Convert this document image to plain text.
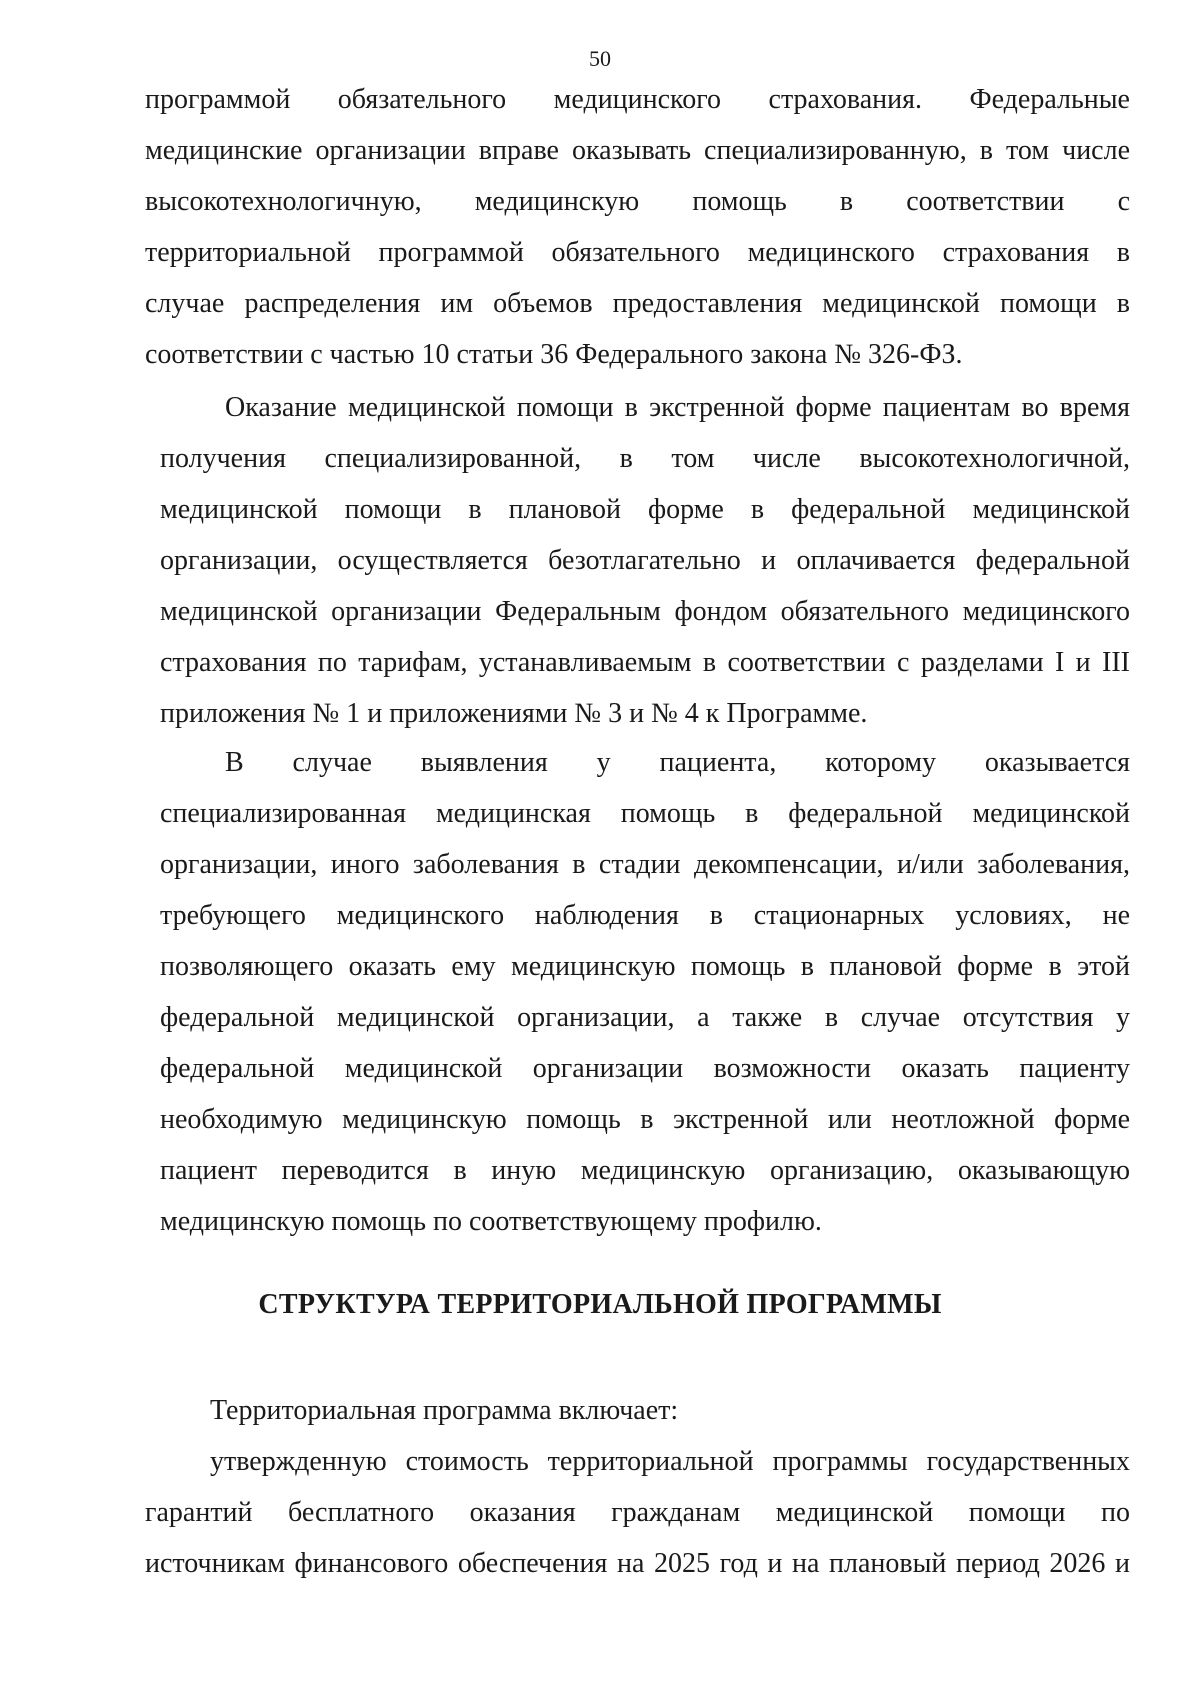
50
программой обязательного медицинского страхования. Федеральные
медицинские организации вправе оказывать специализированную, в том числе
высокотехнологичную, медицинскую помощь в соответствии с
территориальной программой обязательного медицинского страхования в
случае распределения им объемов предоставления медицинской помощи в
соответствии с частью 10 статьи 36 Федерального закона № 326-ФЗ.
Оказание медицинской помощи в экстренной форме пациентам во время
получения специализированной, в том числе высокотехнологичной,
медицинской помощи в плановой форме в федеральной медицинской
организации, осуществляется безотлагательно и оплачивается федеральной
медицинской организации Федеральным фондом обязательного медицинского
страхования по тарифам, устанавливаемым в соответствии с разделами I и III
приложения № 1 и приложениями № 3 и № 4 к Программе.
В случае выявления у пациента, которому оказывается
специализированная медицинская помощь в федеральной медицинской
организации, иного заболевания в стадии декомпенсации, и/или заболевания,
требующего медицинского наблюдения в стационарных условиях, не
позволяющего оказать ему медицинскую помощь в плановой форме в этой
федеральной медицинской организации, а также в случае отсутствия у
федеральной медицинской организации возможности оказать пациенту
необходимую медицинскую помощь в экстренной или неотложной форме
пациент переводится в иную медицинскую организацию, оказывающую
медицинскую помощь по соответствующему профилю.
СТРУКТУРА ТЕРРИТОРИАЛЬНОЙ ПРОГРАММЫ
Территориальная программа включает:
утвержденную стоимость территориальной программы государственных
гарантий бесплатного оказания гражданам медицинской помощи по
источникам финансового обеспечения на 2025 год и на плановый период 2026 и
